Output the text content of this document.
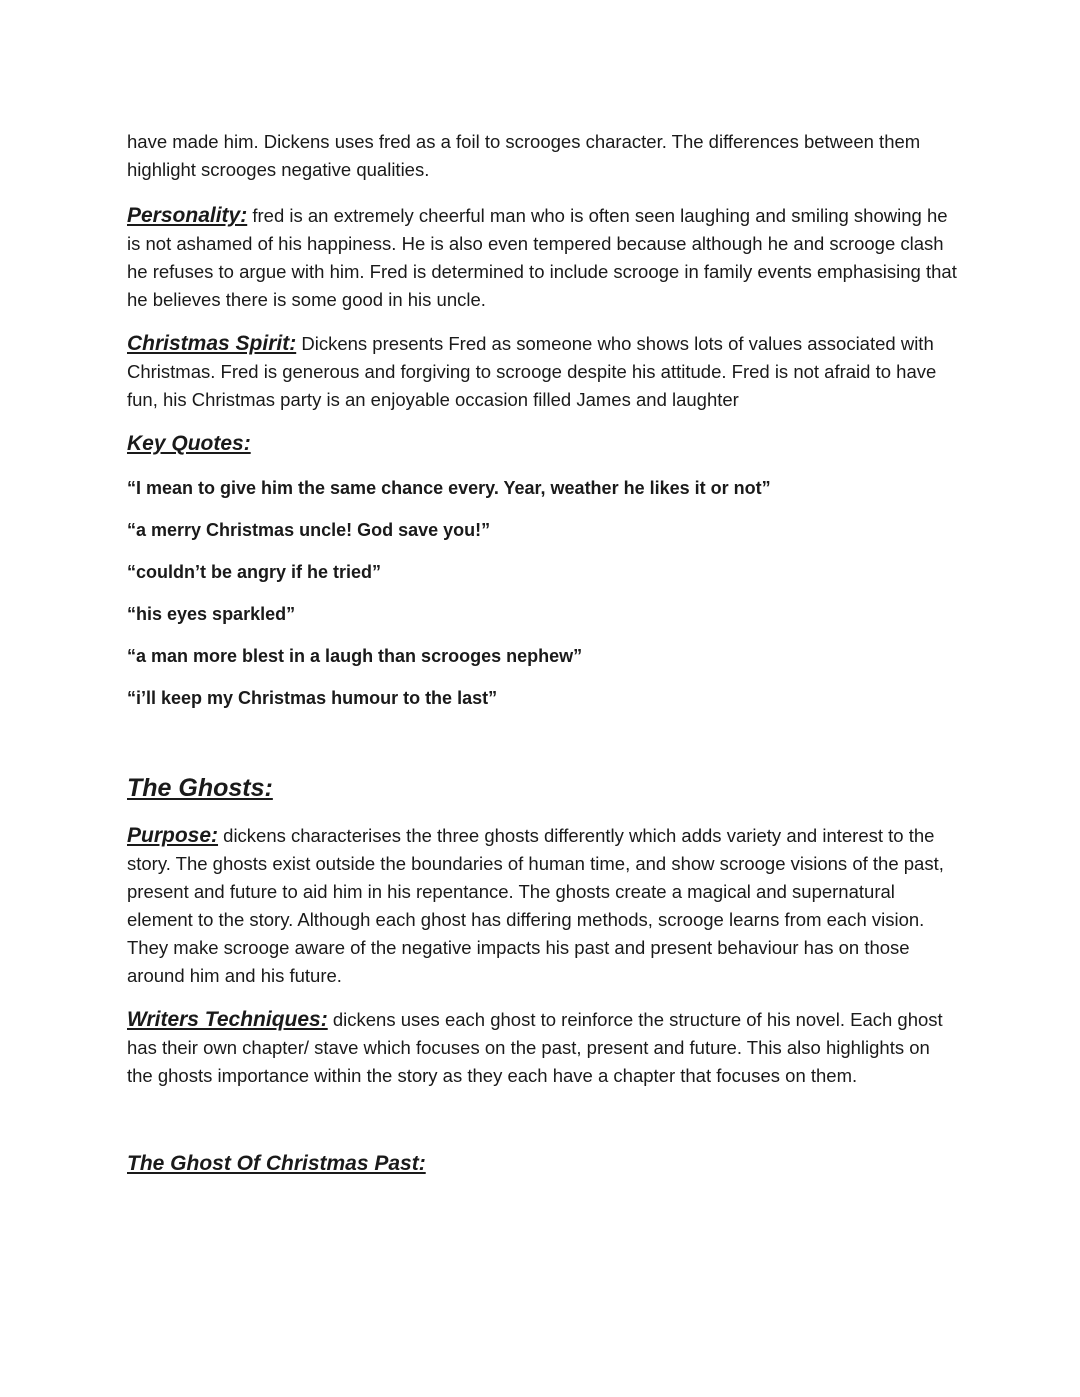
have made him. Dickens uses fred as a foil to scrooges character. The differences between them highlight scrooges negative qualities.

Personality: fred is an extremely cheerful man who is often seen laughing and smiling showing he is not ashamed of his happiness. He is also even tempered because although he and scrooge clash he refuses to argue with him. Fred is determined to include scrooge in family events emphasising that he believes there is some good in his uncle.

Christmas Spirit: Dickens presents Fred as someone who shows lots of values associated with Christmas. Fred is generous and forgiving to scrooge despite his attitude. Fred is not afraid to have fun, his Christmas party is an enjoyable occasion filled James and laughter

Key Quotes:

“I mean to give him the same chance every. Year, weather he likes it or not”

“a merry Christmas uncle! God save you!”

“couldn’t be angry if he tried”

“his eyes sparkled”

“a man more blest in a laugh than scrooges nephew”

“i’ll keep my Christmas humour to the last”

The Ghosts:

Purpose: dickens characterises the three ghosts differently which adds variety and interest to the story. The ghosts exist outside the boundaries of human time, and show scrooge visions of the past, present and future to aid him in his repentance. The ghosts create a magical and supernatural element to the story. Although each ghost has differing methods, scrooge learns from each vision. They make scrooge aware of the negative impacts his past and present behaviour has on those around him and his future.

Writers Techniques: dickens uses each ghost to reinforce the structure of his novel. Each ghost has their own chapter/ stave which focuses on the past, present and future. This also highlights on the ghosts importance within the story as they each have a chapter that focuses on them.

The Ghost Of Christmas Past:
